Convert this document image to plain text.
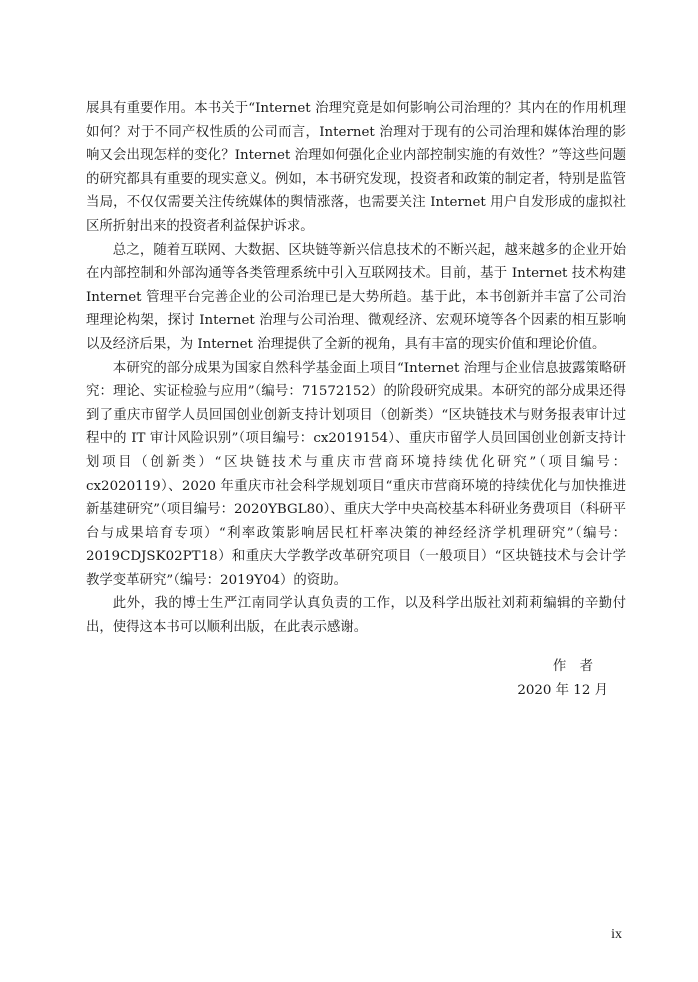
展具有重要作用。本书关于“Internet 治理究竟是如何影响公司治理的？其内在的作用机理如何？对于不同产权性质的公司而言，Internet 治理对于现有的公司治理和媒体治理的影响又会出现怎样的变化？Internet 治理如何强化企业内部控制实施的有效性？”等这些问题的研究都具有重要的现实意义。例如，本书研究发现，投资者和政策的制定者，特别是监管当局，不仅仅需要关注传统媒体的舆情涨落，也需要关注 Internet 用户自发形成的虚拟社区所折射出来的投资者利益保护诉求。

总之，随着互联网、大数据、区块链等新兴信息技术的不断兴起，越来越多的企业开始在内部控制和外部沟通等各类管理系统中引入互联网技术。目前，基于 Internet 技术构建 Internet 管理平台完善企业的公司治理已是大势所趋。基于此，本书创新并丰富了公司治理理论构架，探讨 Internet 治理与公司治理、微观经济、宏观环境等各个因素的相互影响以及经济后果，为 Internet 治理提供了全新的视角，具有丰富的现实价值和理论价值。

本研究的部分成果为国家自然科学基金面上项目“Internet 治理与企业信息披露策略研究：理论、实证检验与应用”（编号：71572152）的阶段研究成果。本研究的部分成果还得到了重庆市留学人员回国创业创新支持计划项目（创新类）“区块链技术与财务报表审计过程中的 IT 审计风险识别”（项目编号：cx2019154）、重庆市留学人员回国创业创新支持计划项目（创新类）“区块链技术与重庆市营商环境持续优化研究”（项目编号：cx2020119）、2020 年重庆市社会科学规划项目“重庆市营商环境的持续优化与加快推进新基建研究”（项目编号：2020YBGL80）、重庆大学中央高校基本科研业务费项目（科研平台与成果培育专项）“利率政策影响居民杠杆率决策的神经经济学机理研究”（编号：2019CDJSK02PT18）和重庆大学教学改革研究项目（一般项目）“区块链技术与会计学教学变革研究”（编号：2019Y04）的资助。

此外，我的博士生严江南同学认真负责的工作，以及科学出版社刘莉莉编辑的辛勤付出，使得这本书可以顺利出版，在此表示感谢。

作　者
2020 年 12 月
ix
